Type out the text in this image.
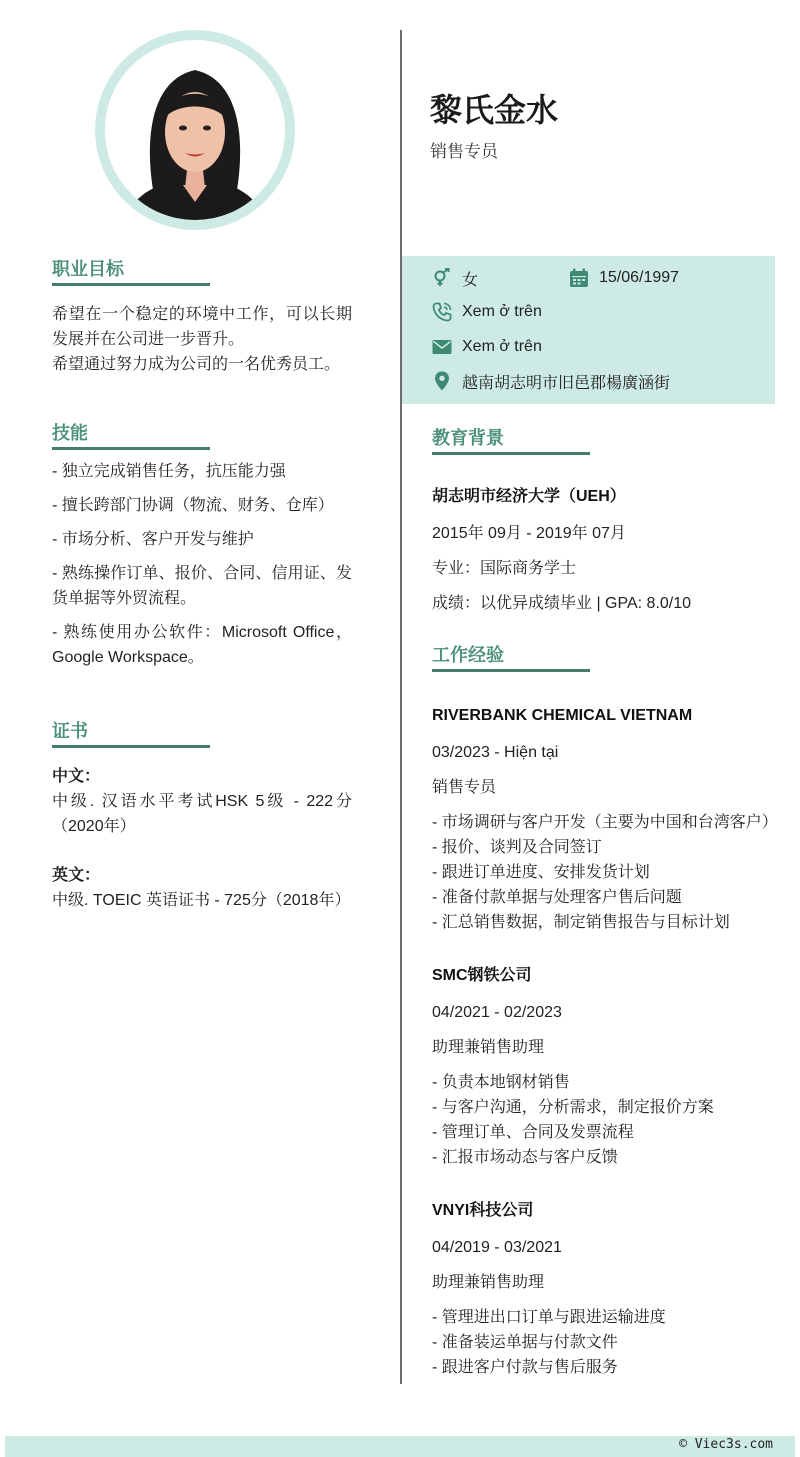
黎氏金水
销售专员
女	15/06/1997
Xem ở trên
Xem ở trên
越南胡志明市旧邑郡楊廣涵街
职业目标
希望在一个稳定的环境中工作，可以长期发展并在公司进一步晋升。
希望通过努力成为公司的一名优秀员工。
技能
- 独立完成销售任务，抗压能力强
- 擅长跨部门协调（物流、财务、仓库）
- 市场分析、客户开发与维护
- 熟练操作订单、报价、合同、信用证、发货单据等外贸流程。
- 熟练使用办公软件：Microsoft Office，Google Workspace。
证书
中文：
中级. 汉语水平考试HSK 5级 - 222分（2020年）
英文：
中级. TOEIC 英语证书 - 725分（2018年）
教育背景
胡志明市经济大学（UEH）
2015年 09月 - 2019年 07月
专业：国际商务学士
成绩：以优异成绩毕业 | GPA: 8.0/10
工作经验
RIVERBANK CHEMICAL VIETNAM
03/2023 - Hiện tại
销售专员
- 市场调研与客户开发（主要为中国和台湾客户）
- 报价、谈判及合同签订
- 跟进订单进度、安排发货计划
- 准备付款单据与处理客户售后问题
- 汇总销售数据，制定销售报告与目标计划
SMC钢铁公司
04/2021 - 02/2023
助理兼销售助理
- 负责本地钢材销售
- 与客户沟通，分析需求，制定报价方案
- 管理订单、合同及发票流程
- 汇报市场动态与客户反馈
VNYI科技公司
04/2019 - 03/2021
助理兼销售助理
- 管理进出口订单与跟进运输进度
- 准备装运单据与付款文件
- 跟进客户付款与售后服务
© Viec3s.com
